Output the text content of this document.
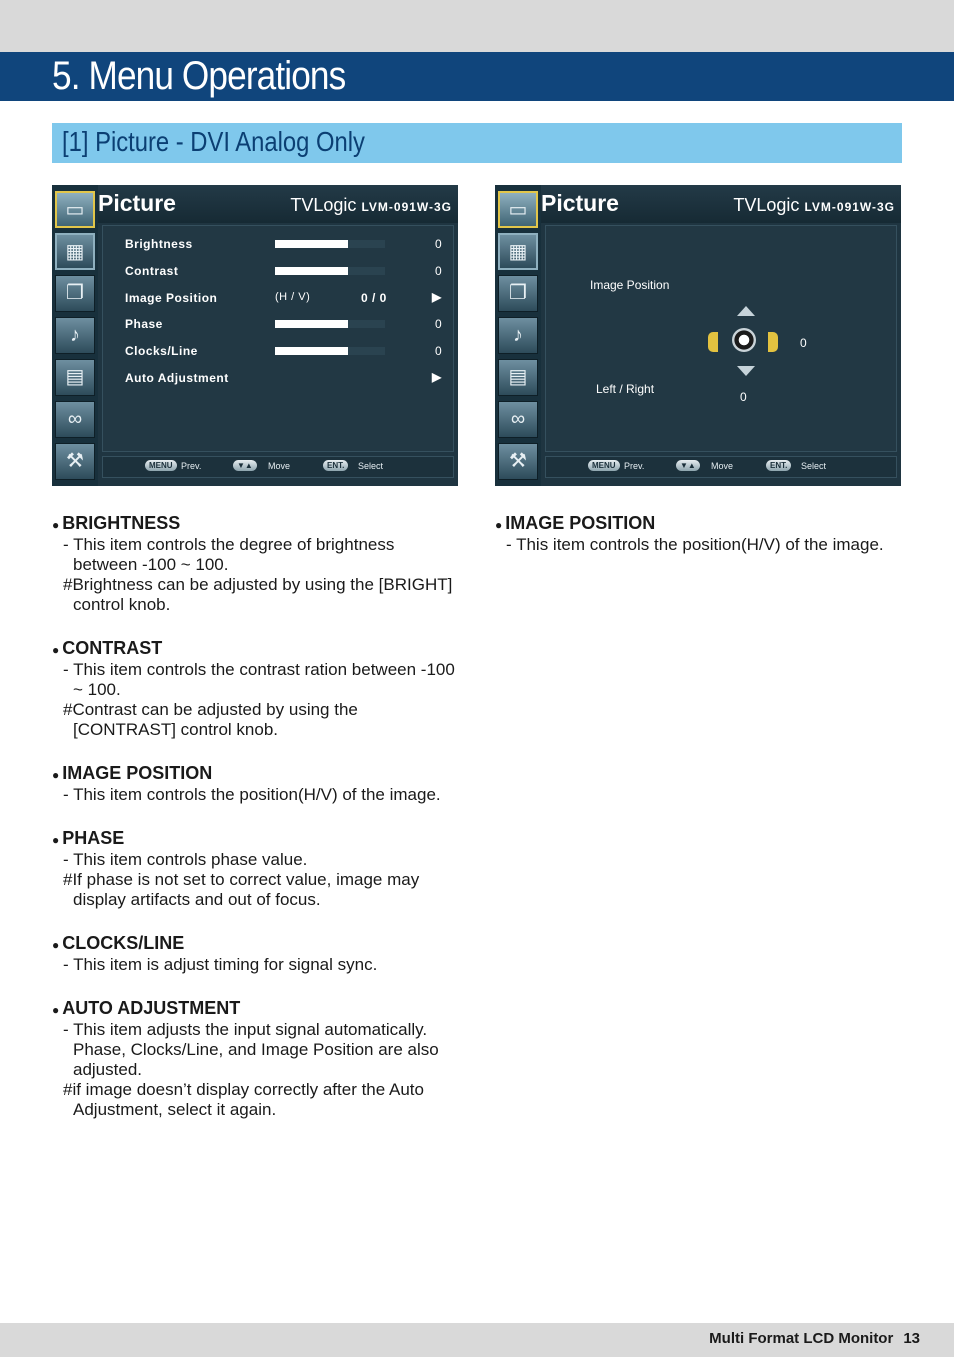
5. Menu Operations
[1] Picture - DVI Analog Only
▭
▦
❐
♪
▤
∞
⚒
Picture	TVLogic LVM-091W-3G
Brightness	0
Contrast	0
Image Position	(H / V)	0 / 0	▶
Phase	0
Clocks/Line	0
Auto Adjustment	▶
MENU Prev.	▼▲	Move	ENT.	Select
▭
▦
❐
♪
▤
∞
⚒
Picture	TVLogic LVM-091W-3G
Image Position
0
Left / Right
0
MENU Prev.	▼▲	Move	ENT.	Select
● BRIGHTNESS
- This item controls the degree of brightness between -100 ~ 100.
#Brightness can be adjusted by using the [BRIGHT] control knob.
● CONTRAST
- This item controls the contrast ration between -100 ~ 100.
#Contrast can be adjusted by using the [CONTRAST] control knob.
● IMAGE POSITION
- This item controls the position(H/V) of the image.
● PHASE
- This item controls phase value.
#If phase is not set to correct value, image may display artifacts and out of focus.
● CLOCKS/LINE
- This item is adjust timing for signal sync.
● AUTO ADJUSTMENT
- This item adjusts the input signal automatically. Phase, Clocks/Line, and Image Position are also adjusted.
#if image doesn’t display correctly after the Auto Adjustment, select it again.
● IMAGE POSITION
- This item controls the position(H/V) of the image.
Multi Format LCD Monitor 13
